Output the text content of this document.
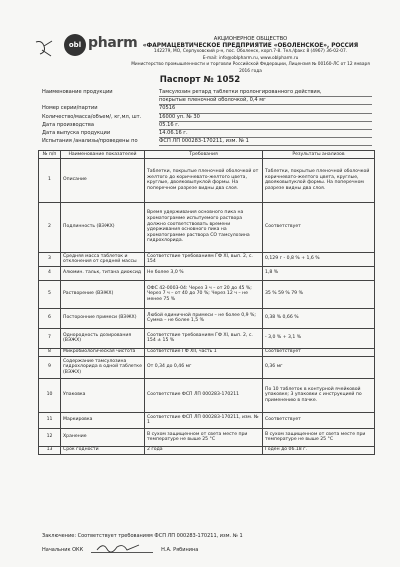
obl pharm	АКЦИОНЕРНОЕ ОБЩЕСТВО
«ФАРМАЦЕВТИЧЕСКОЕ ПРЕДПРИЯТИЕ «ОБОЛЕНСКОЕ», РОССИЯ
142279, МО, Серпуховский р-н, пос. Оболенск, корп.7-8. Тел./факс 8 (4967) 36-02-07.
E-mail: info@oblpharm.ru, www.oblpharm.ru
Министерство промышленности и торговли Российской Федерации, Лицензия № 00160-ЛС от 12 января 2016 года
Паспорт № 1052
Наименование продукции	Тамсулозин ретард таблетки пролонгированного действия,
покрытые пленочной оболочкой, 0,4 мг
Номер серии/партии	70516
Количество/масса/объем/, кг,мл, шт.	16000 уп. № 30
Дата производства	05.16 г.
Дата выпуска продукции	14.06.16 г.
Испытания /анализы/проведены по	ФСП ЛП 000283-170211, изм. № 1
№ п/п	Наименование показателей	Требования	Результаты анализов
1	Описание	Таблетки, покрытые пленочной оболочкой от желтого до коричневато-желтого цвета, круглые, двояковыпуклой формы. На поперечном разрезе видны два слоя.	Таблетки, покрытые пленочной оболочкой коричневато-желтого цвета, круглые, двояковыпуклой формы. На поперечном разрезе видны два слоя.
2	Подлинность (ВЭЖХ)	Время удерживания основного пика на хроматограмме испытуемого раствора должно соответствовать времени удерживания основного пика на хроматограмме раствора СО тамсулозина гидрохлорида.	Соответствует
3	Средняя масса таблеток и отклонения от средней массы	Соответствие требованиям ГФ XI, вып. 2, с. 154	0,129 г - 0,8 % + 1,6 %
4	Алюмин. тальк, титана диоксид	Не более 3,0 %	1,8 %
5	Растворение (ВЭЖХ)	ОФС 42-0003-04: Через 3 ч – от 20 до 45 %; Через 7 ч – от 40 до 70 %; Через 12 ч – не менее 75 %	35 % 59 % 79 %
6	Посторонние примеси (ВЭЖХ)	Любой единичной примеси – не более 0,9 %; Сумма – не более 1,5 %	0,38 % 0,66 %
7	Однородность дозирования (ВЭЖХ)	Соответствие требованиям ГФ XI, вып. 2, с. 154 ± 15 %	- 3,0 % + 3,1 %
8	Микробиологическая чистота	Соответствие ГФ XII, часть 1	Соответствует
9	Содержание тамсулозина гидрохлорида в одной таблетке (ВЭЖХ)	От 0,34 до 0,46 мг	0,36 мг
10	Упаковка	Соответствие ФСП ЛП 000283-170211	По 10 таблеток в контурной ячейковой упаковке; 3 упаковки с инструкцией по применению в пачке.
11	Маркировка	Соответствие ФСП ЛП 000283-170211, изм. № 1	Соответствует
12	Хранение	В сухом защищенном от света месте при температуре не выше 25 °С	В сухом защищенном от света месте при температуре не выше 25 °С
13	Срок годности	2 года	Годен до 06.18 г.
Заключение: Соответствует требованиям ФСП ЛП 000283-170211, изм. № 1
Начальник ОКК	Н.А. Рябинина
